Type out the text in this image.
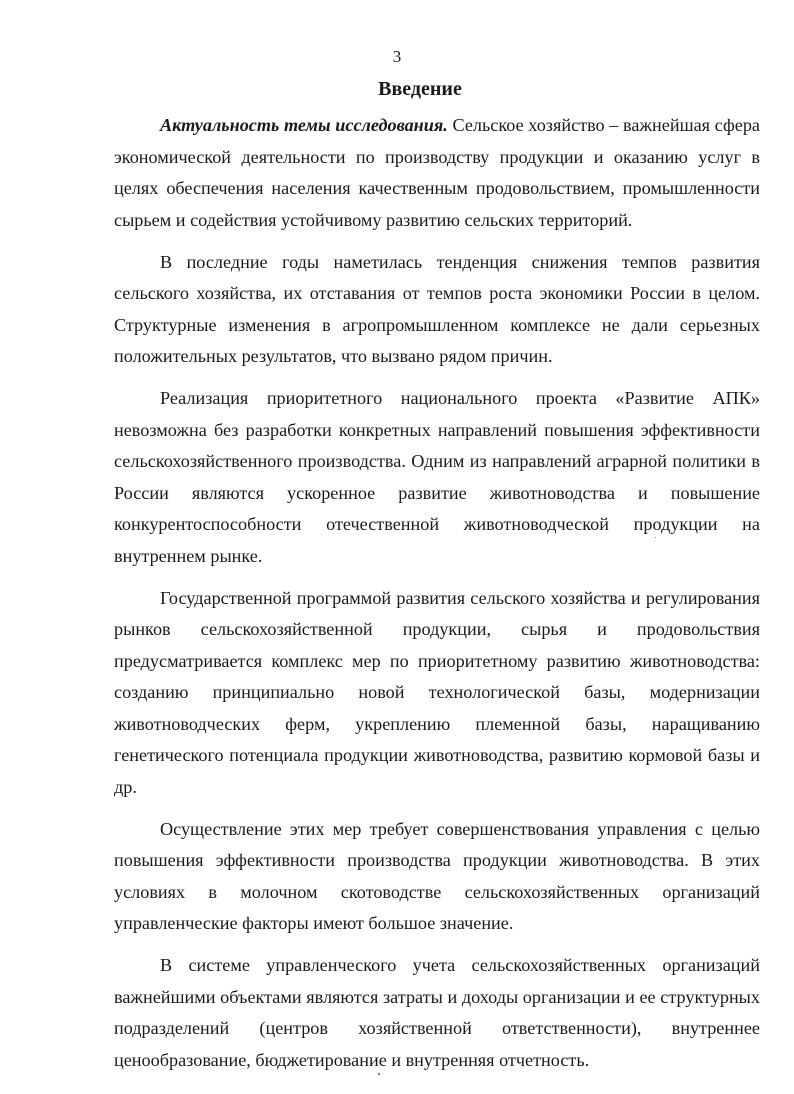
3
Введение

Актуальность темы исследования. Сельское хозяйство – важнейшая сфера экономической деятельности по производству продукции и оказанию услуг в целях обеспечения населения качественным продовольствием, промышленности сырьем и содействия устойчивому развитию сельских территорий.

В последние годы наметилась тенденция снижения темпов развития сельского хозяйства, их отставания от темпов роста экономики России в целом. Структурные изменения в агропромышленном комплексе не дали серьезных положительных результатов, что вызвано рядом причин.

Реализация приоритетного национального проекта «Развитие АПК» невозможна без разработки конкретных направлений повышения эффективности сельскохозяйственного производства. Одним из направлений аграрной политики в России являются ускоренное развитие животноводства и повышение конкурентоспособности отечественной животноводческой продукции на внутреннем рынке.

Государственной программой развития сельского хозяйства и регулирования рынков сельскохозяйственной продукции, сырья и продовольствия предусматривается комплекс мер по приоритетному развитию животноводства: созданию принципиально новой технологической базы, модернизации животноводческих ферм, укреплению племенной базы, наращиванию генетического потенциала продукции животноводства, развитию кормовой базы и др.

Осуществление этих мер требует совершенствования управления с целью повышения эффективности производства продукции животноводства. В этих условиях в молочном скотоводстве сельскохозяйственных организаций управленческие факторы имеют большое значение.

В системе управленческого учета сельскохозяйственных организаций важнейшими объектами являются затраты и доходы организации и ее структурных подразделений (центров хозяйственной ответственности), внутреннее ценообразование, бюджетирование и внутренняя отчетность.
